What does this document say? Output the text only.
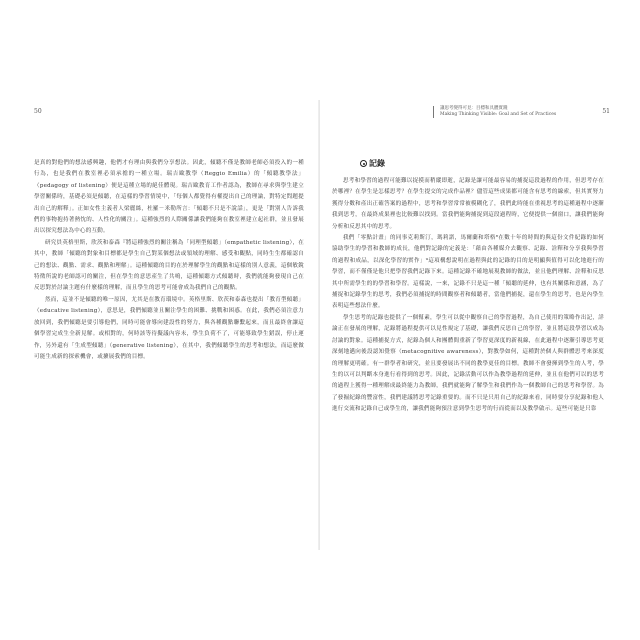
50

是真的對他們的想法感興趣，他們才有理由與我們分享想法。因此，傾聽不僅是教師老師必須投入的一種行為，也是我們在教室裡必須承擔的一種立場。瑞吉歐教學（Reggio Emilia）的「傾聽教學法」（pedagogy of listening）便是這種立場的絕佳體現。瑞吉歐教育工作者認為，教師在尋求與學生建立學習關係時，基礎必須是傾聽，在這樣的學習情境中，「每個人都覺得有權提出自己的理論，對特定問題提出自己的解釋」。正如女性主義者人梁麗絲，杜羅－米勒所言：「傾聽不只是不說話」，更是「對別人告訴我們的事物抱持著熱忱的、人性化的關注」。這種強烈的人際關係讓我們能夠在教室裡建立起社群，並且發展出以探究想法為中心的互動。

研究員英格里斯，欣茨和泰森『將這種強烈的關注稱為「同理型傾聽」（empathetic listening），在其中，教師「傾聽的對象和目標都是學生自己對某個想法或領域的理解、感受和觀點，同時生生都確認自己的想法、觀點、需求、觀點和理解」。這種傾聽的目的在於理解學生的觀點和這樣的別人意義，這個敏銳特徵所說的老師認可的關注，但在學生的意思產生了共鳴，這種傾聽方式傾聽時，我們就能夠發現自己在反思對於討論主題有什麼樣的理解，而且學生的思考可能會成為我們自己的觀點。

然而，這並不是傾聽的唯一原因，尤其是在教育環境中。英格里斯、欣茨和泰森也提出「教育型傾聽」（educative listening），意思是，我們傾聽並且關注學生的困難、挑戰和困惑。在此，我們必須注意力放回到，我們傾聽是要引導他們，同時可能會導向建設性的努力，與各種觀點聯繫起來，而且最終會讓這個學習完成生全新見解。或相對的，何時該等待擬議內容未，學生負荷不了，可能導致學生錯誤，停止運作，另外還有「生成型傾聽」（generative listening），在其中，我們傾聽學生的思考和想法，而這麼做可能生成新的探索機會，或擴展我們的目標。

讓思考變得可見：目標和具體實踐
Making Thinking Visible: Goal and Set of Practices	51
記錄

思考和學習的過程可能難以捉摸而稍縱即逝，記錄是讓可能最容易的捕捉這段過程的作用，但思考存在於哪裡？在學生是怎樣思考？在學生提交的完成作品裡？儘管這些成果都可能含有思考的線索，但其實努力獲得分數和產出正確答案的過程中，思考和學習常常被模糊化了，我們此時能在重視思考的這種過程中逐漸我到思考，在最終成果裡也比較難以找到。當我們能夠捕捉到這段過程時，它便提供一個窗口，讓我們能夠分析和反思其中的思考。

我們「零點計畫」的同事克莉斯汀，瑪莉諾，馬爾蘭和塔格⁸在數十年的時間的與這份文件紀錄的如何協助學生的學習和教師的成長，他們對記錄的定義是：「藉由各種媒介去觀察、記錄、詮釋和分享我與學習的過程和成品，以深化學習的實作」⁹這項構想說明在過程與此的記錄的目的是明顯與值得可以化地進行的學習，而不僅僅是他只把學習我們記錄下來。這種記錄不確地展現教師的做法，並且他們理解、詮釋和反思其中所需學生的的學習和學習。這樣說，一來，記錄不只是這一種「傾聽的延伸，也有其關係和意涵，為了捕捉和記錄學生的思考，我們必須捕捉的時間觀察者和傾聽者，當他們捕捉，還在學生的思考，也是內學生表明這些想法什麼。

學生思考的記錄也提供了一個幫素，學生可以從中觀察自己的學習過程，為自己使用的策略作出記，詳論正在發展的理解，記錄將過程提供可以見性規定了基礎，讓我們反思自己的學習，並且將這段學習以成為討論的對象。這種捕捉方式，紀錄為個人和團體間重新了學習更深度的新視線，在此過程中逐漸引導思考更深刻地邁向後設認知覺察（metacognitive awareness），對教學如何，這種對於個人與群體思考來深度的理解更明確。有一群學者和研究，並且要發展出不同的教學更佳的目標。教師不會發揮到學生的人考，學生的以可以判斷本身進行看得到的思考。因此，記錄活動可以作為教學過程的延伸，並且在他們可以的思考的過程上獲得一種理解成最終能力為教師，我們就能夠了解學生和我們作為一個教師自己的思考和學習。為了發掘紀錄的豐富性，我們建議將思考記錄重要的。而不只是只用自己的紀錄來看，同時要分享紀錄和他人進行交流和記錄自己或學生的，讓我們能夠預注意到學生思考的行而從而以及教學啟示。這些可能是只靠
